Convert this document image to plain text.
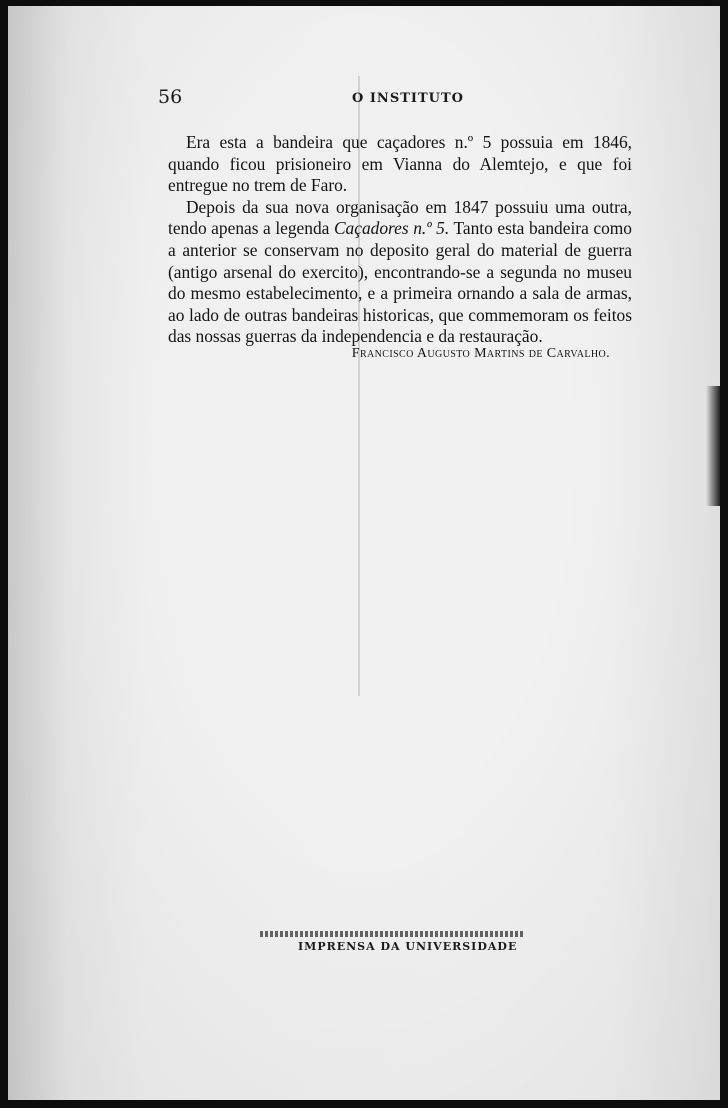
56	O INSTITUTO

Era esta a bandeira que caçadores n.º 5 possuia em 1846, quando ficou prisioneiro em Vianna do Alemtejo, e que foi entregue no trem de Faro.

Depois da sua nova organisação em 1847 possuiu uma outra, tendo apenas a legenda Caçadores n.º 5. Tanto esta bandeira como a anterior se conservam no deposito geral do material de guerra (antigo arsenal do exercito), encontrando-se a segunda no museu do mesmo estabelecimento, e a primeira ornando a sala de armas, ao lado de outras bandeiras historicas, que commemoram os feitos das nossas guerras da independencia e da restauração.

Francisco Augusto Martins de Carvalho.
IMPRENSA DA UNIVERSIDADE
